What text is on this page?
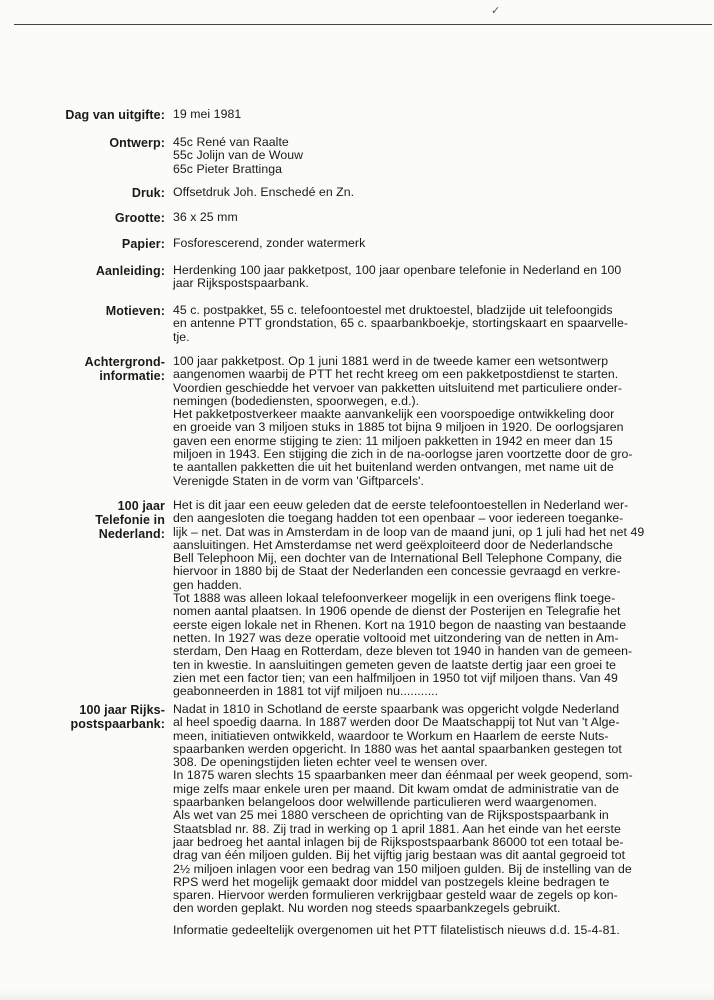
✓
Dag van uitgifte: 19 mei 1981

Ontwerp: 45c René van Raalte

55c Jolijn van de Wouw

65c Pieter Brattinga

Druk: Offsetdruk Joh. Enschedé en Zn.

Grootte: 36 x 25 mm

Papier: Fosforescerend, zonder watermerk

Aanleiding: Herdenking 100 jaar pakketpost, 100 jaar openbare telefonie in Nederland en 100

jaar Rijkspostspaarbank.

Motieven: 45 c. postpakket, 55 c. telefoontoestel met druktoestel, bladzijde uit telefoongids

en antenne PTT grondstation, 65 c. spaarbankboekje, stortingskaart en spaarvelle-

tje.

Achtergrond-
informatie:

100 jaar pakketpost. Op 1 juni 1881 werd in de tweede kamer een wetsontwerp

aangenomen waarbij de PTT het recht kreeg om een pakketpostdienst te starten.

Voordien geschiedde het vervoer van pakketten uitsluitend met particuliere onder-

nemingen (bodediensten, spoorwegen, e.d.).

Het pakketpostverkeer maakte aanvankelijk een voorspoedige ontwikkeling door

en groeide van 3 miljoen stuks in 1885 tot bijna 9 miljoen in 1920. De oorlogsjaren

gaven een enorme stijging te zien: 11 miljoen pakketten in 1942 en meer dan 15

miljoen in 1943. Een stijging die zich in de na-oorlogse jaren voortzette door de gro-

te aantallen pakketten die uit het buitenland werden ontvangen, met name uit de

Verenigde Staten in de vorm van 'Giftparcels'.

100 jaar
Telefonie in
Nederland:

Het is dit jaar een eeuw geleden dat de eerste telefoontoestellen in Nederland wer-

den aangesloten die toegang hadden tot een openbaar – voor iedereen toeganke-

lijk – net. Dat was in Amsterdam in de loop van de maand juni, op 1 juli had het net 49

aansluitingen. Het Amsterdamse net werd geëxploiteerd door de Nederlandsche

Bell Telephoon Mij, een dochter van de International Bell Telephone Company, die

hiervoor in 1880 bij de Staat der Nederlanden een concessie gevraagd en verkre-

gen hadden.

Tot 1888 was alleen lokaal telefoonverkeer mogelijk in een overigens flink toege-

nomen aantal plaatsen. In 1906 opende de dienst der Posterijen en Telegrafie het

eerste eigen lokale net in Rhenen. Kort na 1910 begon de naasting van bestaande

netten. In 1927 was deze operatie voltooid met uitzondering van de netten in Am-

sterdam, Den Haag en Rotterdam, deze bleven tot 1940 in handen van de gemeen-

ten in kwestie. In aansluitingen gemeten geven de laatste dertig jaar een groei te

zien met een factor tien; van een halfmiljoen in 1950 tot vijf miljoen thans. Van 49

geabonneerden in 1881 tot vijf miljoen nu...........

100 jaar Rijks-
postspaarbank:

Nadat in 1810 in Schotland de eerste spaarbank was opgericht volgde Nederland

al heel spoedig daarna. In 1887 werden door De Maatschappij tot Nut van 't Alge-

meen, initiatieven ontwikkeld, waardoor te Workum en Haarlem de eerste Nuts-

spaarbanken werden opgericht. In 1880 was het aantal spaarbanken gestegen tot

308. De openingstijden lieten echter veel te wensen over.

In 1875 waren slechts 15 spaarbanken meer dan éénmaal per week geopend, som-

mige zelfs maar enkele uren per maand. Dit kwam omdat de administratie van de

spaarbanken belangeloos door welwillende particulieren werd waargenomen.

Als wet van 25 mei 1880 verscheen de oprichting van de Rijkspostspaarbank in

Staatsblad nr. 88. Zij trad in werking op 1 april 1881. Aan het einde van het eerste

jaar bedroeg het aantal inlagen bij de Rijkspostspaarbank 86000 tot een totaal be-

drag van één miljoen gulden. Bij het vijftig jarig bestaan was dit aantal gegroeid tot

2½ miljoen inlagen voor een bedrag van 150 miljoen gulden. Bij de instelling van de

RPS werd het mogelijk gemaakt door middel van postzegels kleine bedragen te

sparen. Hiervoor werden formulieren verkrijgbaar gesteld waar de zegels op kon-

den worden geplakt. Nu worden nog steeds spaarbankzegels gebruikt.

Informatie gedeeltelijk overgenomen uit het PTT filatelistisch nieuws d.d. 15-4-81.
